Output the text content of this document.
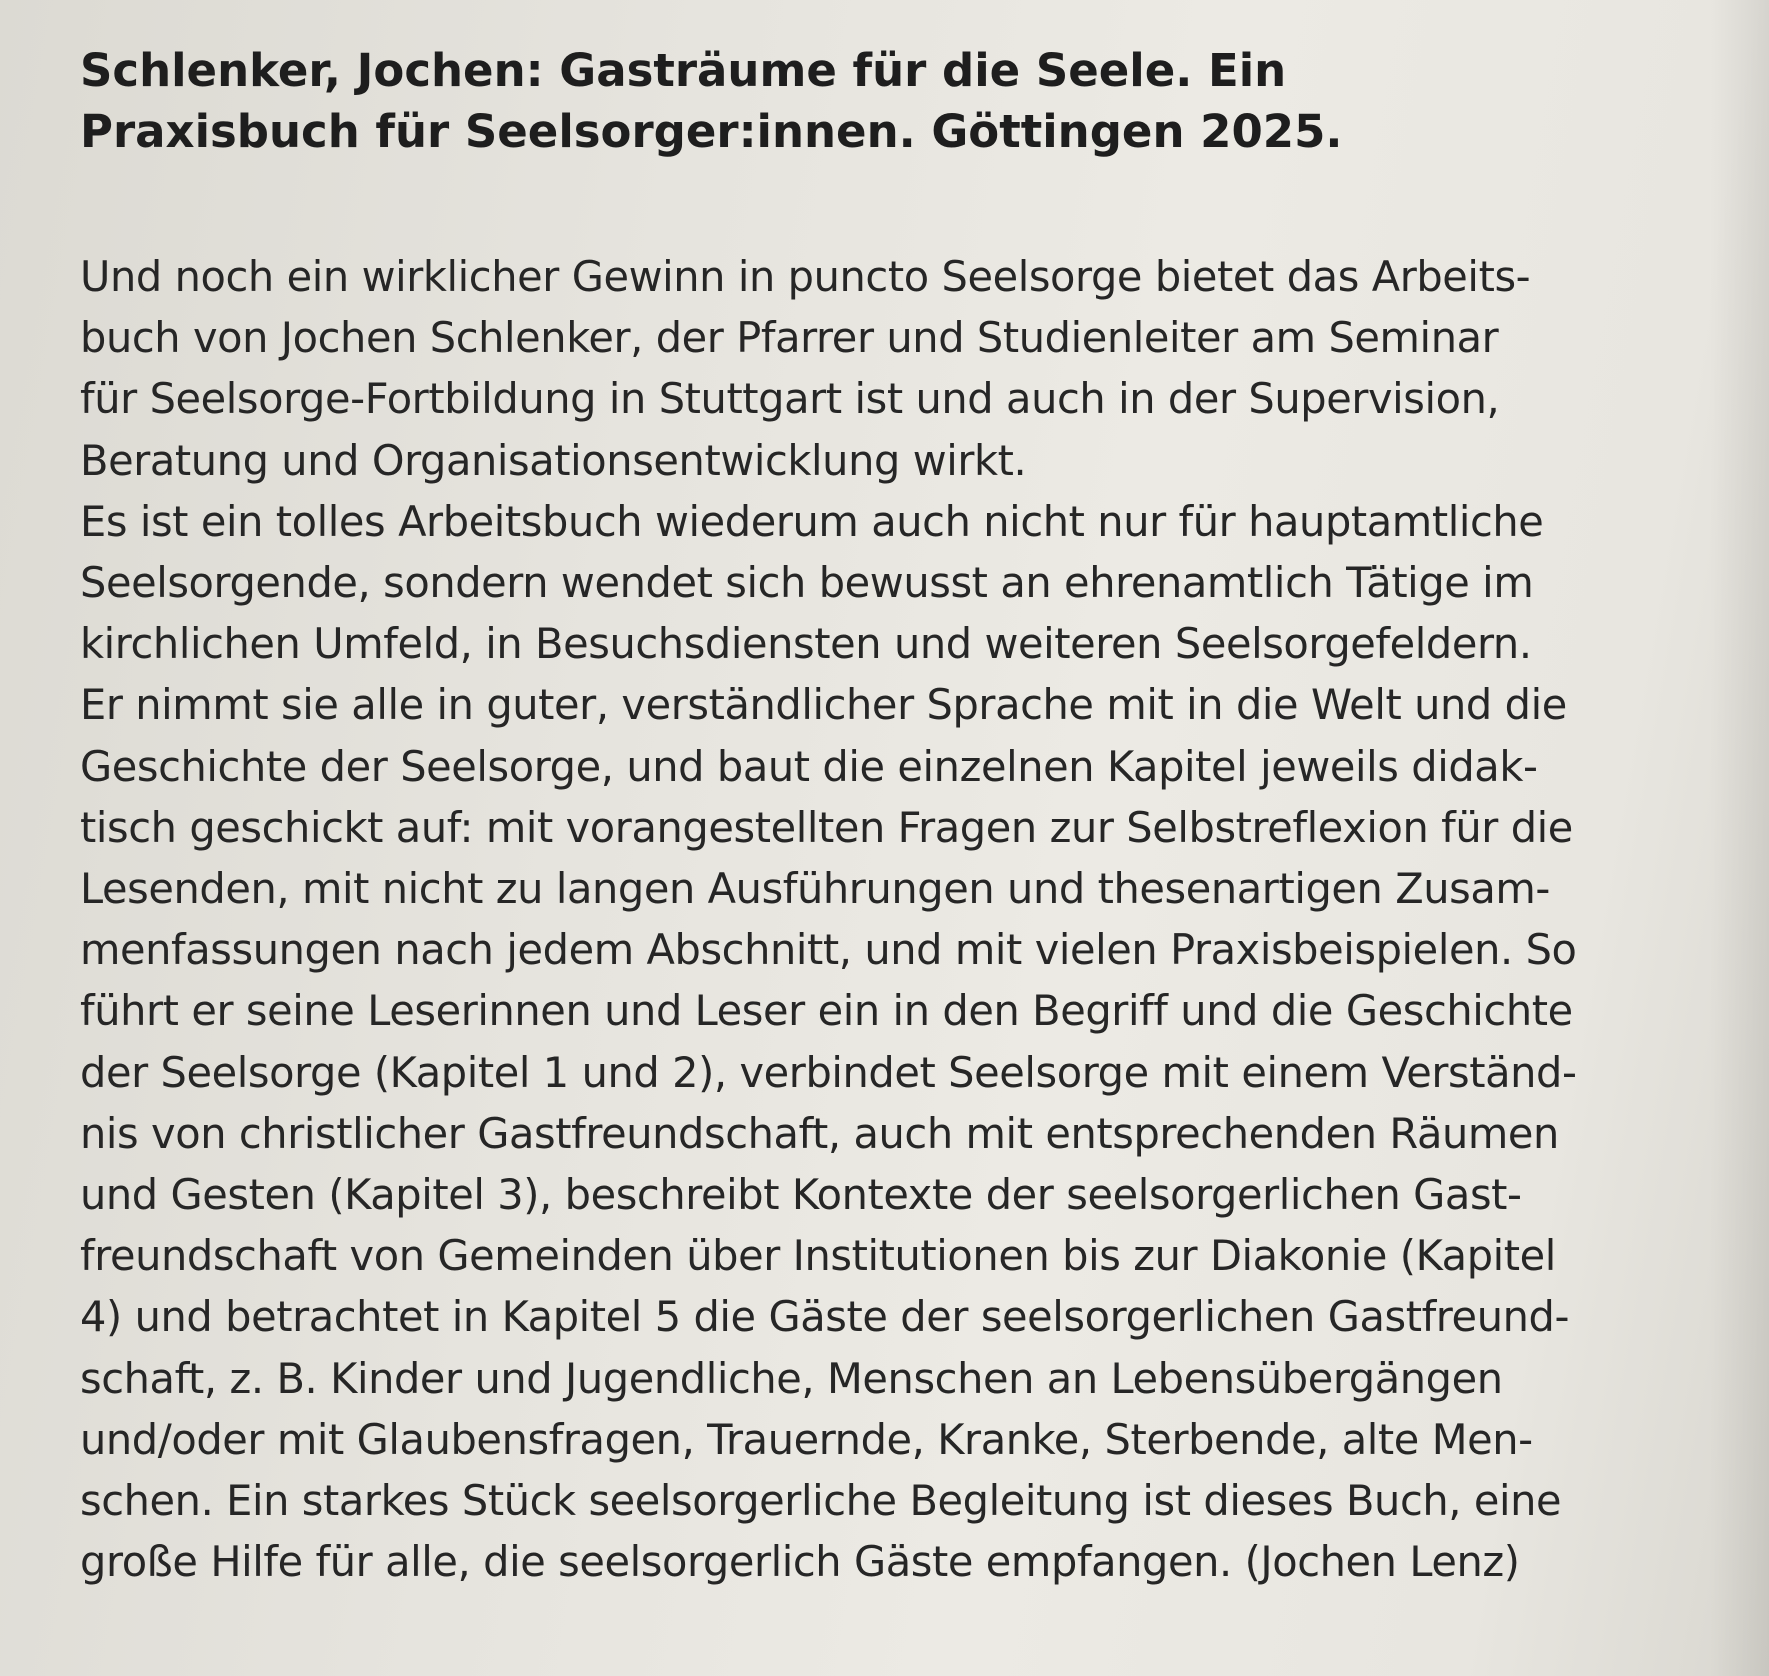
Schlenker, Jochen: Gasträume für die Seele. Ein
Praxisbuch für Seelsorger:innen. Göttingen 2025.
Und noch ein wirklicher Gewinn in puncto Seelsorge bietet das Arbeits-
buch von Jochen Schlenker, der Pfarrer und Studienleiter am Seminar
für Seelsorge-Fortbildung in Stuttgart ist und auch in der Supervision,
Beratung und Organisationsentwicklung wirkt.
Es ist ein tolles Arbeitsbuch wiederum auch nicht nur für hauptamtliche
Seelsorgende, sondern wendet sich bewusst an ehrenamtlich Tätige im
kirchlichen Umfeld, in Besuchsdiensten und weiteren Seelsorgefeldern.
Er nimmt sie alle in guter, verständlicher Sprache mit in die Welt und die
Geschichte der Seelsorge, und baut die einzelnen Kapitel jeweils didak-
tisch geschickt auf: mit vorangestellten Fragen zur Selbstreflexion für die
Lesenden, mit nicht zu langen Ausführungen und thesenartigen Zusam-
menfassungen nach jedem Abschnitt, und mit vielen Praxisbeispielen. So
führt er seine Leserinnen und Leser ein in den Begriff und die Geschichte
der Seelsorge (Kapitel 1 und 2), verbindet Seelsorge mit einem Verständ-
nis von christlicher Gastfreundschaft, auch mit entsprechenden Räumen
und Gesten (Kapitel 3), beschreibt Kontexte der seelsorgerlichen Gast-
freundschaft von Gemeinden über Institutionen bis zur Diakonie (Kapitel
4) und betrachtet in Kapitel 5 die Gäste der seelsorgerlichen Gastfreund-
schaft, z. B. Kinder und Jugendliche, Menschen an Lebensübergängen
und/oder mit Glaubensfragen, Trauernde, Kranke, Sterbende, alte Men-
schen. Ein starkes Stück seelsorgerliche Begleitung ist dieses Buch, eine
große Hilfe für alle, die seelsorgerlich Gäste empfangen. (Jochen Lenz)
